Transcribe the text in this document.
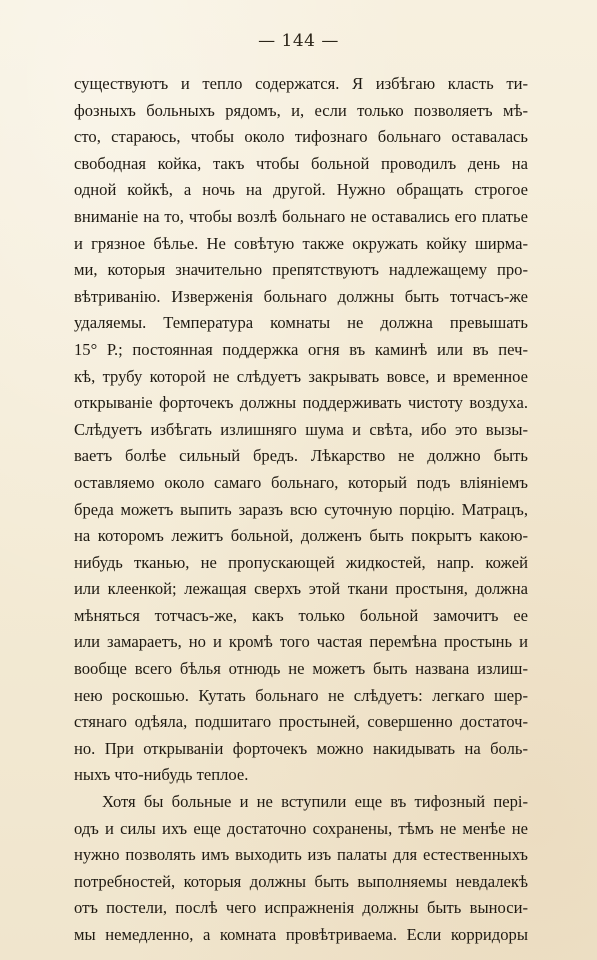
— 144 —
существуютъ и тепло содержатся. Я избѣгаю класть ти-
фозныхъ больныхъ рядомъ, и, если только позволяетъ мѣ-
сто, стараюсь, чтобы около тифознаго больнаго оставалась
свободная койка, такъ чтобы больной проводилъ день на
одной койкѣ, а ночь на другой. Нужно обращать строгое
вниманіе на то, чтобы возлѣ больнаго не оставались его платье
и грязное бѣлье. Не совѣтую также окружать койку ширма-
ми, которыя значительно препятствуютъ надлежащему про-
вѣтриванію. Изверженія больнаго должны быть тотчасъ-же
удаляемы. Температура комнаты не должна превышать
15° Р.; постоянная поддержка огня въ каминѣ или въ печ-
кѣ, трубу которой не слѣдуетъ закрывать вовсе, и временное
открываніе форточекъ должны поддерживать чистоту воздуха.
Слѣдуетъ избѣгать излишняго шума и свѣта, ибо это вызы-
ваетъ болѣе сильный бредъ. Лѣкарство не должно быть
оставляемо около самаго больнаго, который подъ вліяніемъ
бреда можетъ выпить заразъ всю суточную порцію. Матрацъ,
на которомъ лежитъ больной, долженъ быть покрытъ какою-
нибудь тканью, не пропускающей жидкостей, напр. кожей
или клеенкой; лежащая сверхъ этой ткани простыня, должна
мѣняться тотчасъ-же, какъ только больной замочитъ ее
или замараетъ, но и кромѣ того частая перемѣна простынь и
вообще всего бѣлья отнюдь не можетъ быть названа излиш-
нею роскошью. Кутать больнаго не слѣдуетъ: легкаго шер-
стянаго одѣяла, подшитаго простыней, совершенно достаточ-
но. При открываніи форточекъ можно накидывать на боль-
ныхъ что-нибудь теплое.
Хотя бы больные и не вступили еще въ тифозный пері-
одъ и силы ихъ еще достаточно сохранены, тѣмъ не менѣе не
нужно позволять имъ выходить изъ палаты для естественныхъ
потребностей, которыя должны быть выполняемы невдалекѣ
отъ постели, послѣ чего испражненія должны быть выноси-
мы немедленно, а комната провѣтриваема. Если корридоры
